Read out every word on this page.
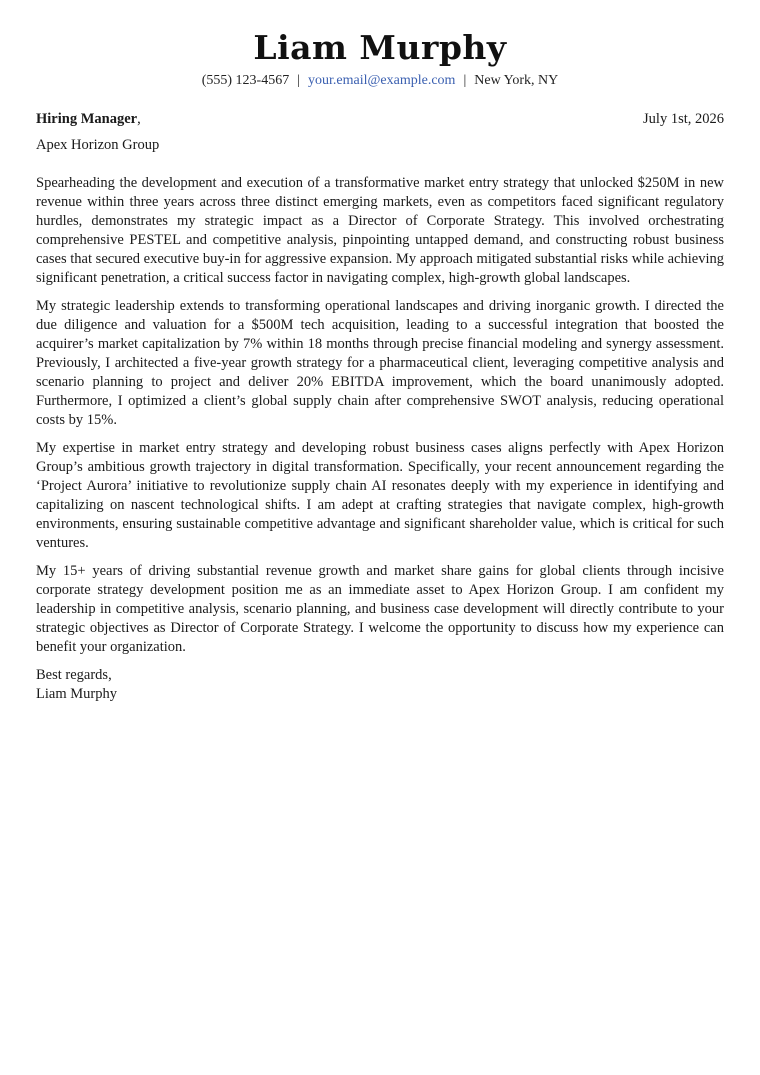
Liam Murphy
(555) 123-4567 | your.email@example.com | New York, NY
Hiring Manager,	July 1st, 2026
Apex Horizon Group

Spearheading the development and execution of a transformative market entry strategy that unlocked $250M in new revenue within three years across three distinct emerging markets, even as competitors faced significant regulatory hurdles, demonstrates my strategic impact as a Director of Corporate Strategy. This involved orchestrating comprehensive PESTEL and competitive analysis, pinpointing untapped demand, and constructing robust business cases that secured executive buy-in for aggressive expansion. My approach mitigated substantial risks while achieving significant penetration, a critical success factor in navigating complex, high-growth global landscapes.

My strategic leadership extends to transforming operational landscapes and driving inorganic growth. I directed the due diligence and valuation for a $500M tech acquisition, leading to a successful integration that boosted the acquirer’s market capitalization by 7% within 18 months through precise financial modeling and synergy assessment. Previously, I architected a five-year growth strategy for a pharmaceutical client, leveraging competitive analysis and scenario planning to project and deliver 20% EBITDA improvement, which the board unanimously adopted. Furthermore, I optimized a client’s global supply chain after comprehensive SWOT analysis, reducing operational costs by 15%.

My expertise in market entry strategy and developing robust business cases aligns perfectly with Apex Horizon Group’s ambitious growth trajectory in digital transformation. Specifically, your recent announcement regarding the ‘Project Aurora’ initiative to revolutionize supply chain AI resonates deeply with my experience in identifying and capitalizing on nascent technological shifts. I am adept at crafting strategies that navigate complex, high-growth environments, ensuring sustainable competitive advantage and significant shareholder value, which is critical for such ventures.

My 15+ years of driving substantial revenue growth and market share gains for global clients through incisive corporate strategy development position me as an immediate asset to Apex Horizon Group. I am confident my leadership in competitive analysis, scenario planning, and business case development will directly contribute to your strategic objectives as Director of Corporate Strategy. I welcome the opportunity to discuss how my experience can benefit your organization.

Best regards,
Liam Murphy
